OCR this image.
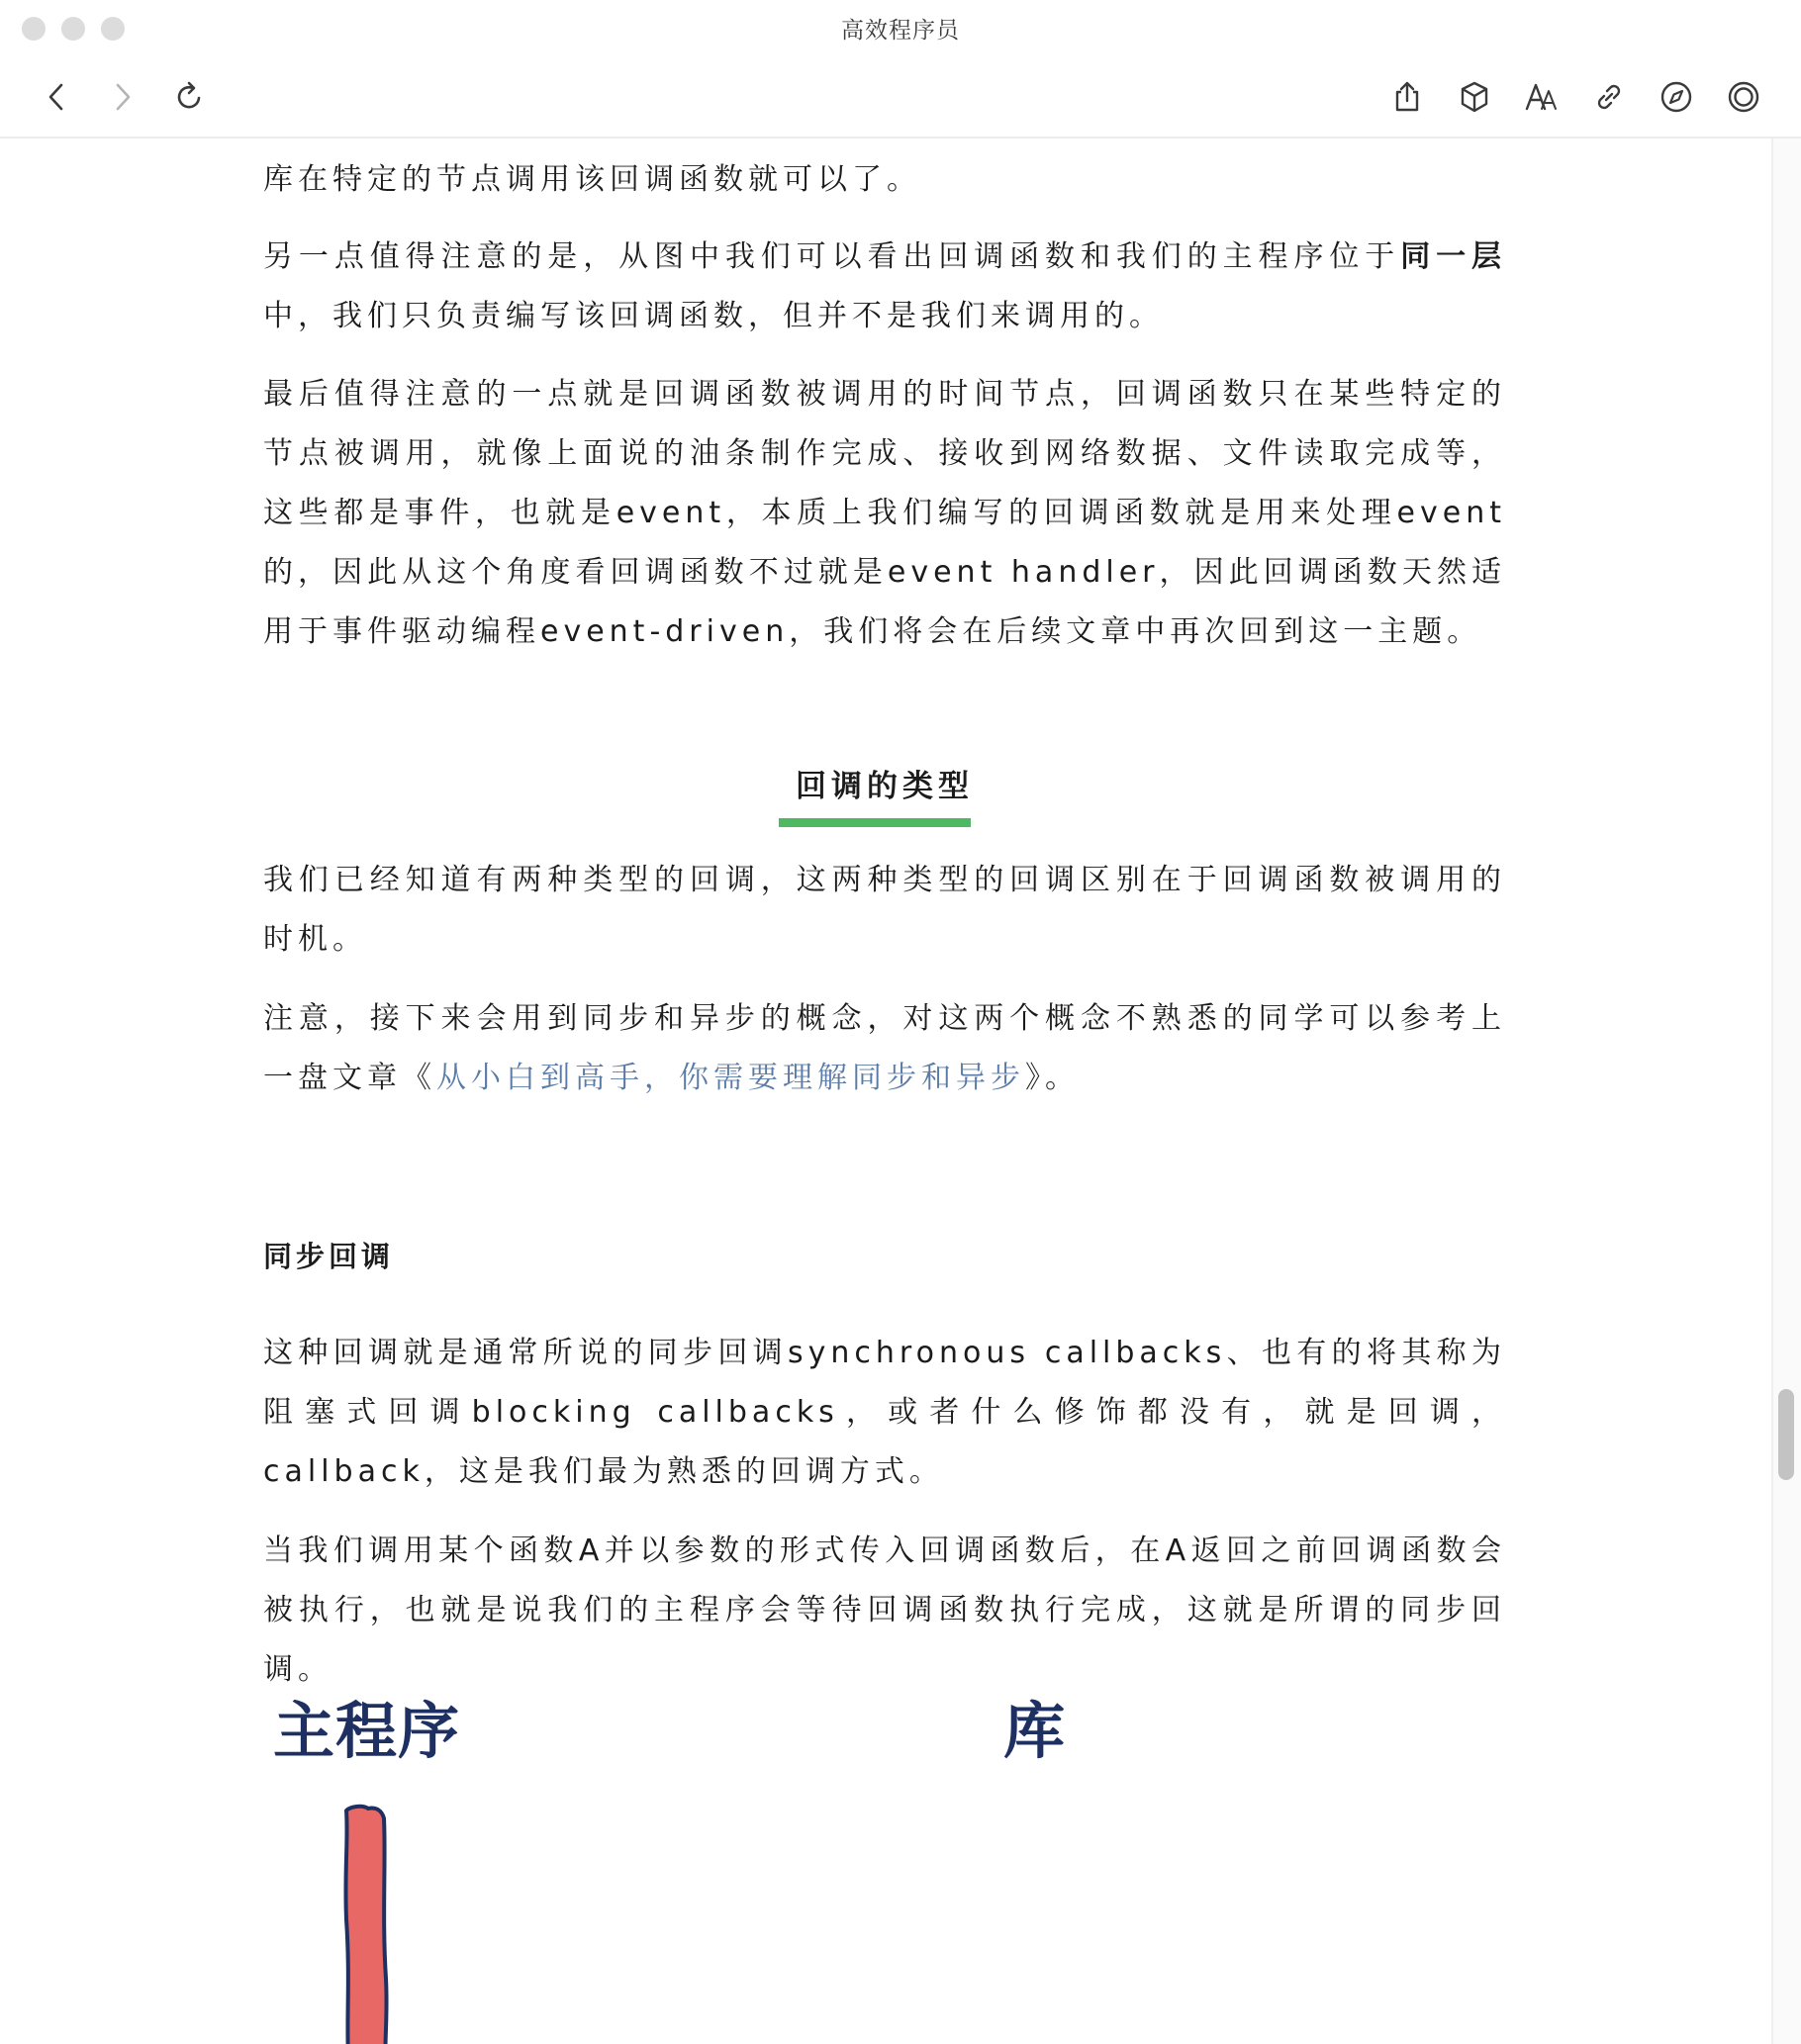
高效程序员

库在特定的节点调用该回调函数就可以了。

另一点值得注意的是，从图中我们可以看出回调函数和我们的主程序位于同一层中，我们只负责编写该回调函数，但并不是我们来调用的。

最后值得注意的一点就是回调函数被调用的时间节点，回调函数只在某些特定的节点被调用，就像上面说的油条制作完成、接收到网络数据、文件读取完成等，这些都是事件，也就是event，本质上我们编写的回调函数就是用来处理event的，因此从这个角度看回调函数不过就是event handler，因此回调函数天然适用于事件驱动编程event-driven，我们将会在后续文章中再次回到这一主题。

回调的类型

我们已经知道有两种类型的回调，这两种类型的回调区别在于回调函数被调用的时机。

注意，接下来会用到同步和异步的概念，对这两个概念不熟悉的同学可以参考上一盘文章《从小白到高手，你需要理解同步和异步》。

同步回调

这种回调就是通常所说的同步回调synchronous callbacks、也有的将其称为阻塞式回调blocking callbacks，或者什么修饰都没有，就是回调，callback，这是我们最为熟悉的回调方式。

当我们调用某个函数A并以参数的形式传入回调函数后，在A返回之前回调函数会被执行，也就是说我们的主程序会等待回调函数执行完成，这就是所谓的同步回调。

主程序	库
